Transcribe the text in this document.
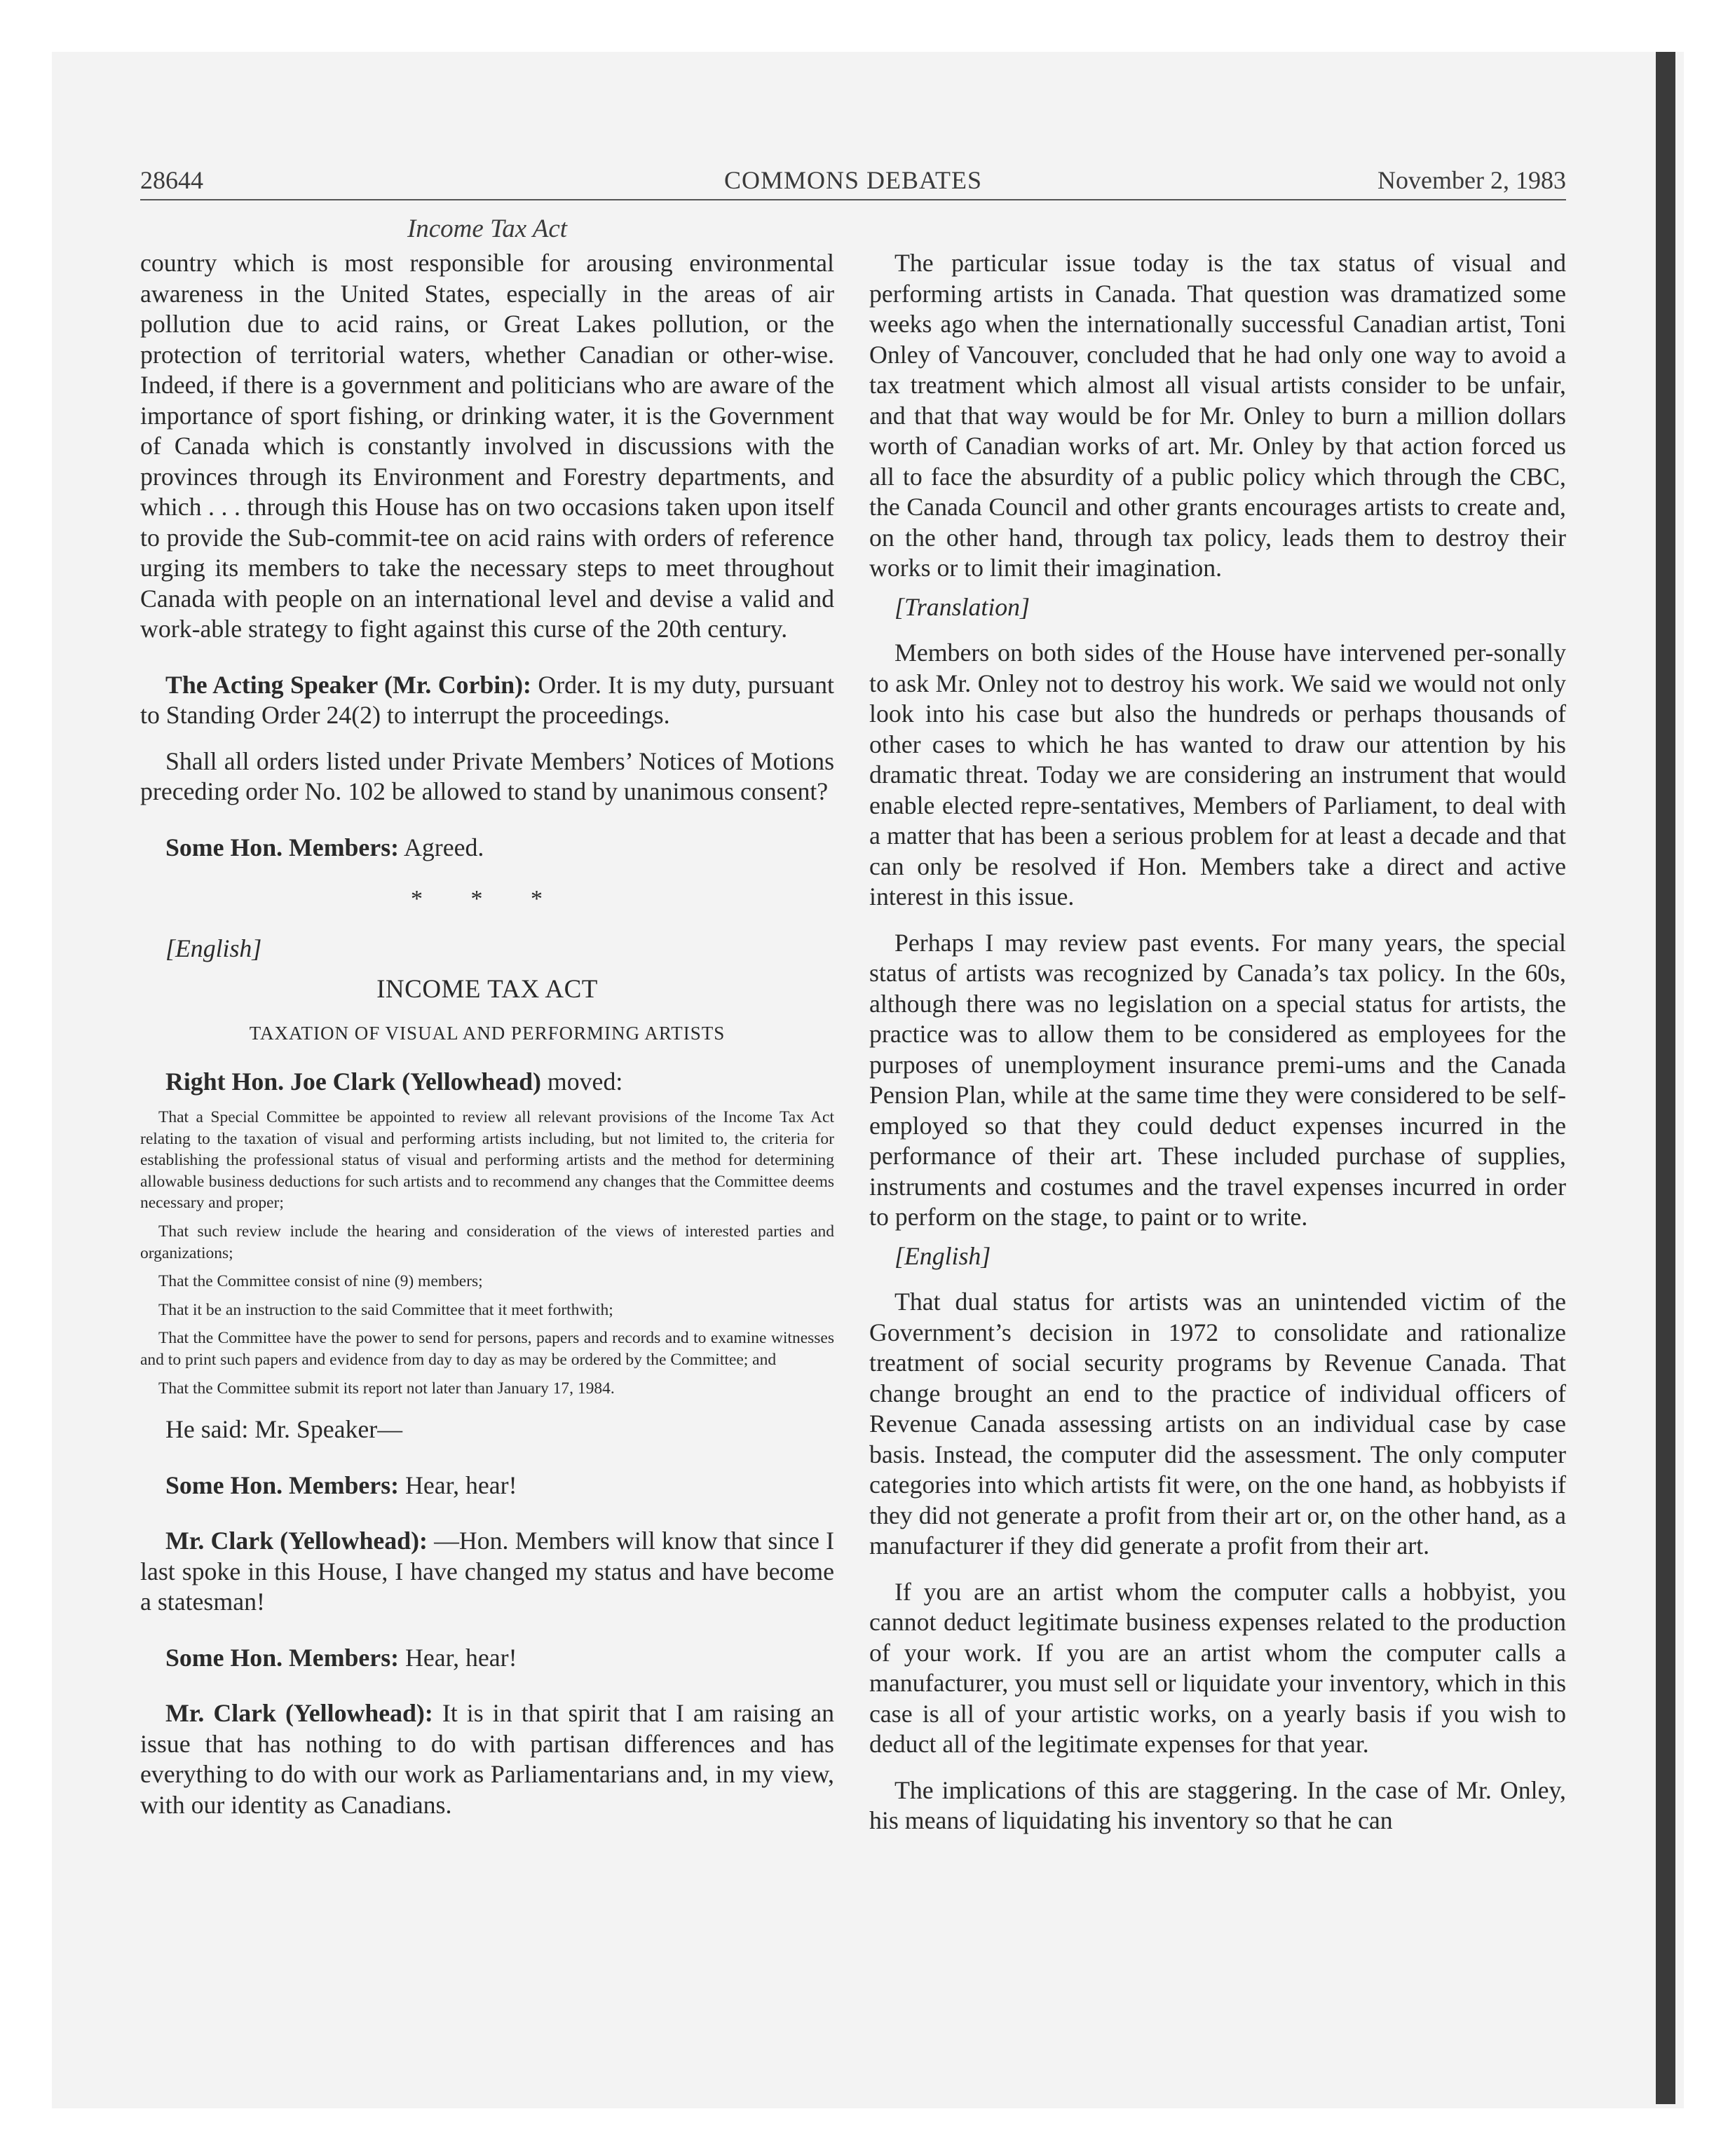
28644	COMMONS DEBATES	November 2, 1983
Income Tax Act

country which is most responsible for arousing environmental awareness in the United States, especially in the areas of air pollution due to acid rains, or Great Lakes pollution, or the protection of territorial waters, whether Canadian or other-wise. Indeed, if there is a government and politicians who are aware of the importance of sport fishing, or drinking water, it is the Government of Canada which is constantly involved in discussions with the provinces through its Environment and Forestry departments, and which . . . through this House has on two occasions taken upon itself to provide the Sub-commit-tee on acid rains with orders of reference urging its members to take the necessary steps to meet throughout Canada with people on an international level and devise a valid and work-able strategy to fight against this curse of the 20th century.

The Acting Speaker (Mr. Corbin): Order. It is my duty, pursuant to Standing Order 24(2) to interrupt the proceedings.

Shall all orders listed under Private Members’ Notices of Motions preceding order No. 102 be allowed to stand by unanimous consent?

Some Hon. Members: Agreed.

* * *

[English]

INCOME TAX ACT
TAXATION OF VISUAL AND PERFORMING ARTISTS

Right Hon. Joe Clark (Yellowhead) moved:

That a Special Committee be appointed to review all relevant provisions of the Income Tax Act relating to the taxation of visual and performing artists including, but not limited to, the criteria for establishing the professional status of visual and performing artists and the method for determining allowable business deductions for such artists and to recommend any changes that the Committee deems necessary and proper;

That such review include the hearing and consideration of the views of interested parties and organizations;

That the Committee consist of nine (9) members;

That it be an instruction to the said Committee that it meet forthwith;

That the Committee have the power to send for persons, papers and records and to examine witnesses and to print such papers and evidence from day to day as may be ordered by the Committee; and

That the Committee submit its report not later than January 17, 1984.

He said: Mr. Speaker—

Some Hon. Members: Hear, hear!

Mr. Clark (Yellowhead): —Hon. Members will know that since I last spoke in this House, I have changed my status and have become a statesman!

Some Hon. Members: Hear, hear!

Mr. Clark (Yellowhead): It is in that spirit that I am raising an issue that has nothing to do with partisan differences and has everything to do with our work as Parliamentarians and, in my view, with our identity as Canadians.

The particular issue today is the tax status of visual and performing artists in Canada. That question was dramatized some weeks ago when the internationally successful Canadian artist, Toni Onley of Vancouver, concluded that he had only one way to avoid a tax treatment which almost all visual artists consider to be unfair, and that that way would be for Mr. Onley to burn a million dollars worth of Canadian works of art. Mr. Onley by that action forced us all to face the absurdity of a public policy which through the CBC, the Canada Council and other grants encourages artists to create and, on the other hand, through tax policy, leads them to destroy their works or to limit their imagination.

[Translation]

Members on both sides of the House have intervened per-sonally to ask Mr. Onley not to destroy his work. We said we would not only look into his case but also the hundreds or perhaps thousands of other cases to which he has wanted to draw our attention by his dramatic threat. Today we are considering an instrument that would enable elected repre-sentatives, Members of Parliament, to deal with a matter that has been a serious problem for at least a decade and that can only be resolved if Hon. Members take a direct and active interest in this issue.

Perhaps I may review past events. For many years, the special status of artists was recognized by Canada’s tax policy. In the 60s, although there was no legislation on a special status for artists, the practice was to allow them to be considered as employees for the purposes of unemployment insurance premi-ums and the Canada Pension Plan, while at the same time they were considered to be self-employed so that they could deduct expenses incurred in the performance of their art. These included purchase of supplies, instruments and costumes and the travel expenses incurred in order to perform on the stage, to paint or to write.

[English]

That dual status for artists was an unintended victim of the Government’s decision in 1972 to consolidate and rationalize treatment of social security programs by Revenue Canada. That change brought an end to the practice of individual officers of Revenue Canada assessing artists on an individual case by case basis. Instead, the computer did the assessment. The only computer categories into which artists fit were, on the one hand, as hobbyists if they did not generate a profit from their art or, on the other hand, as a manufacturer if they did generate a profit from their art.

If you are an artist whom the computer calls a hobbyist, you cannot deduct legitimate business expenses related to the production of your work. If you are an artist whom the computer calls a manufacturer, you must sell or liquidate your inventory, which in this case is all of your artistic works, on a yearly basis if you wish to deduct all of the legitimate expenses for that year.

The implications of this are staggering. In the case of Mr. Onley, his means of liquidating his inventory so that he can
